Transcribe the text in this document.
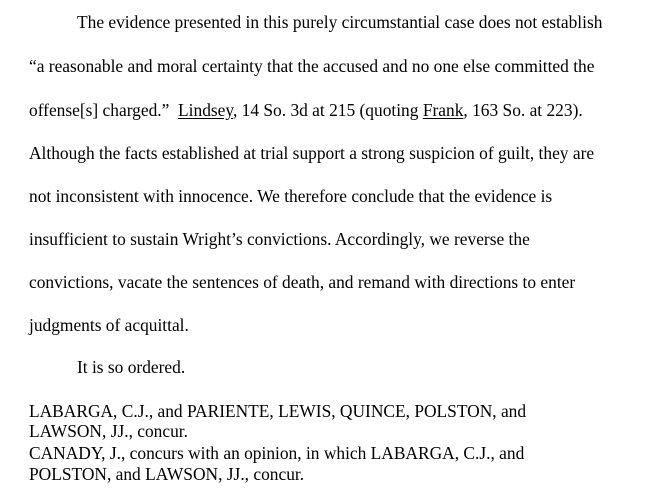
The evidence presented in this purely circumstantial case does not establish
“a reasonable and moral certainty that the accused and no one else committed the
offense[s] charged.”  Lindsey, 14 So. 3d at 215 (quoting Frank, 163 So. at 223).
Although the facts established at trial support a strong suspicion of guilt, they are
not inconsistent with innocence. We therefore conclude that the evidence is
insufficient to sustain Wright’s convictions. Accordingly, we reverse the
convictions, vacate the sentences of death, and remand with directions to enter
judgments of acquittal.
It is so ordered.
LABARGA, C.J., and PARIENTE, LEWIS, QUINCE, POLSTON, and
LAWSON, JJ., concur.
CANADY, J., concurs with an opinion, in which LABARGA, C.J., and
POLSTON, and LAWSON, JJ., concur.
